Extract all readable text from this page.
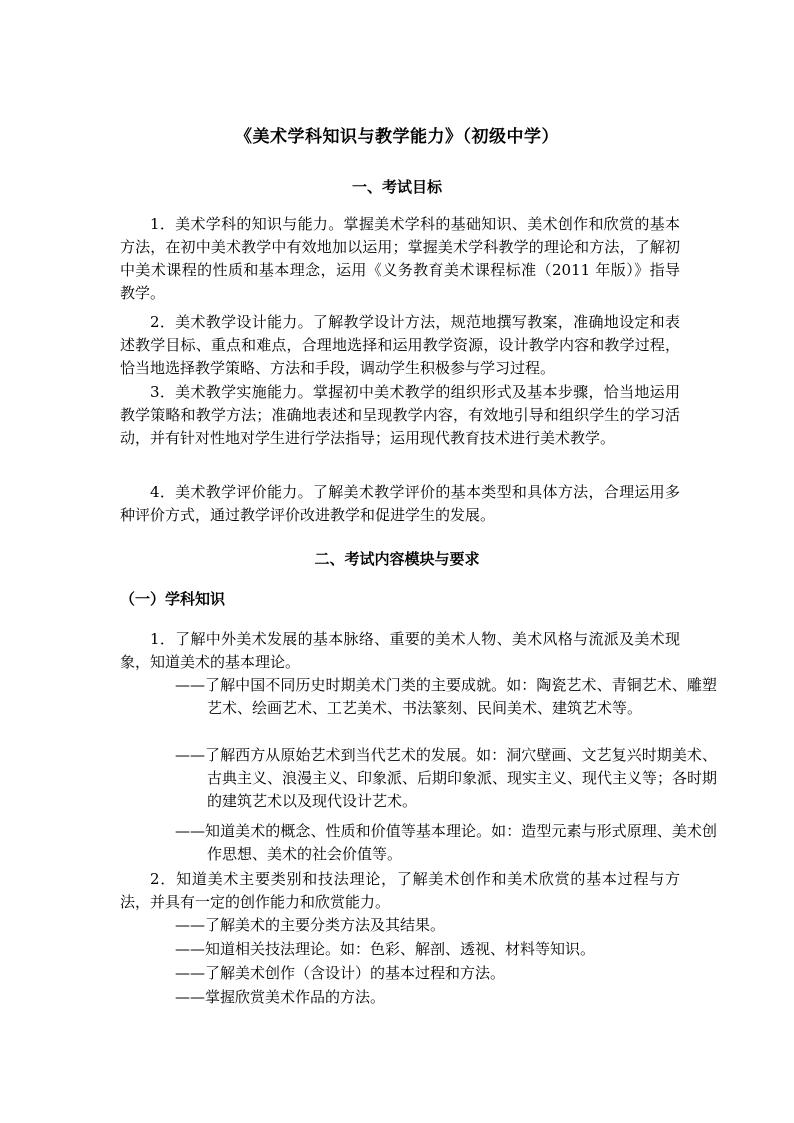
《美术学科知识与教学能力》（初级中学）
一、考试目标

1．美术学科的知识与能力。掌握美术学科的基础知识、美术创作和欣赏的基本方法，在初中美术教学中有效地加以运用；掌握美术学科教学的理论和方法，了解初中美术课程的性质和基本理念，运用《义务教育美术课程标准（2011 年版）》指导教学。

2．美术教学设计能力。了解教学设计方法，规范地撰写教案，准确地设定和表述教学目标、重点和难点，合理地选择和运用教学资源，设计教学内容和教学过程，恰当地选择教学策略、方法和手段，调动学生积极参与学习过程。

3．美术教学实施能力。掌握初中美术教学的组织形式及基本步骤，恰当地运用教学策略和教学方法；准确地表述和呈现教学内容，有效地引导和组织学生的学习活动，并有针对性地对学生进行学法指导；运用现代教育技术进行美术教学。

4．美术教学评价能力。了解美术教学评价的基本类型和具体方法，合理运用多种评价方式，通过教学评价改进教学和促进学生的发展。

二、考试内容模块与要求
（一）学科知识

1．了解中外美术发展的基本脉络、重要的美术人物、美术风格与流派及美术现象，知道美术的基本理论。

——了解中国不同历史时期美术门类的主要成就。如：陶瓷艺术、青铜艺术、雕塑艺术、绘画艺术、工艺美术、书法篆刻、民间美术、建筑艺术等。

——了解西方从原始艺术到当代艺术的发展。如：洞穴壁画、文艺复兴时期美术、古典主义、浪漫主义、印象派、后期印象派、现实主义、现代主义等；各时期的建筑艺术以及现代设计艺术。

——知道美术的概念、性质和价值等基本理论。如：造型元素与形式原理、美术创作思想、美术的社会价值等。

2．知道美术主要类别和技法理论，了解美术创作和美术欣赏的基本过程与方法，并具有一定的创作能力和欣赏能力。

——了解美术的主要分类方法及其结果。

——知道相关技法理论。如：色彩、解剖、透视、材料等知识。

——了解美术创作（含设计）的基本过程和方法。

——掌握欣赏美术作品的方法。
